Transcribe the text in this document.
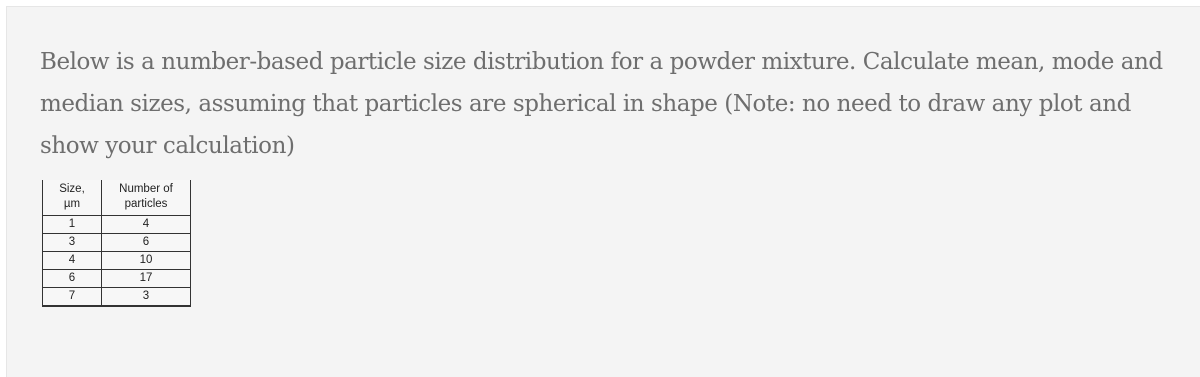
Below is a number-based particle size distribution for a powder mixture. Calculate mean, mode and median sizes, assuming that particles are spherical in shape (Note: no need to draw any plot and show your calculation)

Size,	Number of
µm	particles
1	4
3	6
4	10
6	17
7	3
